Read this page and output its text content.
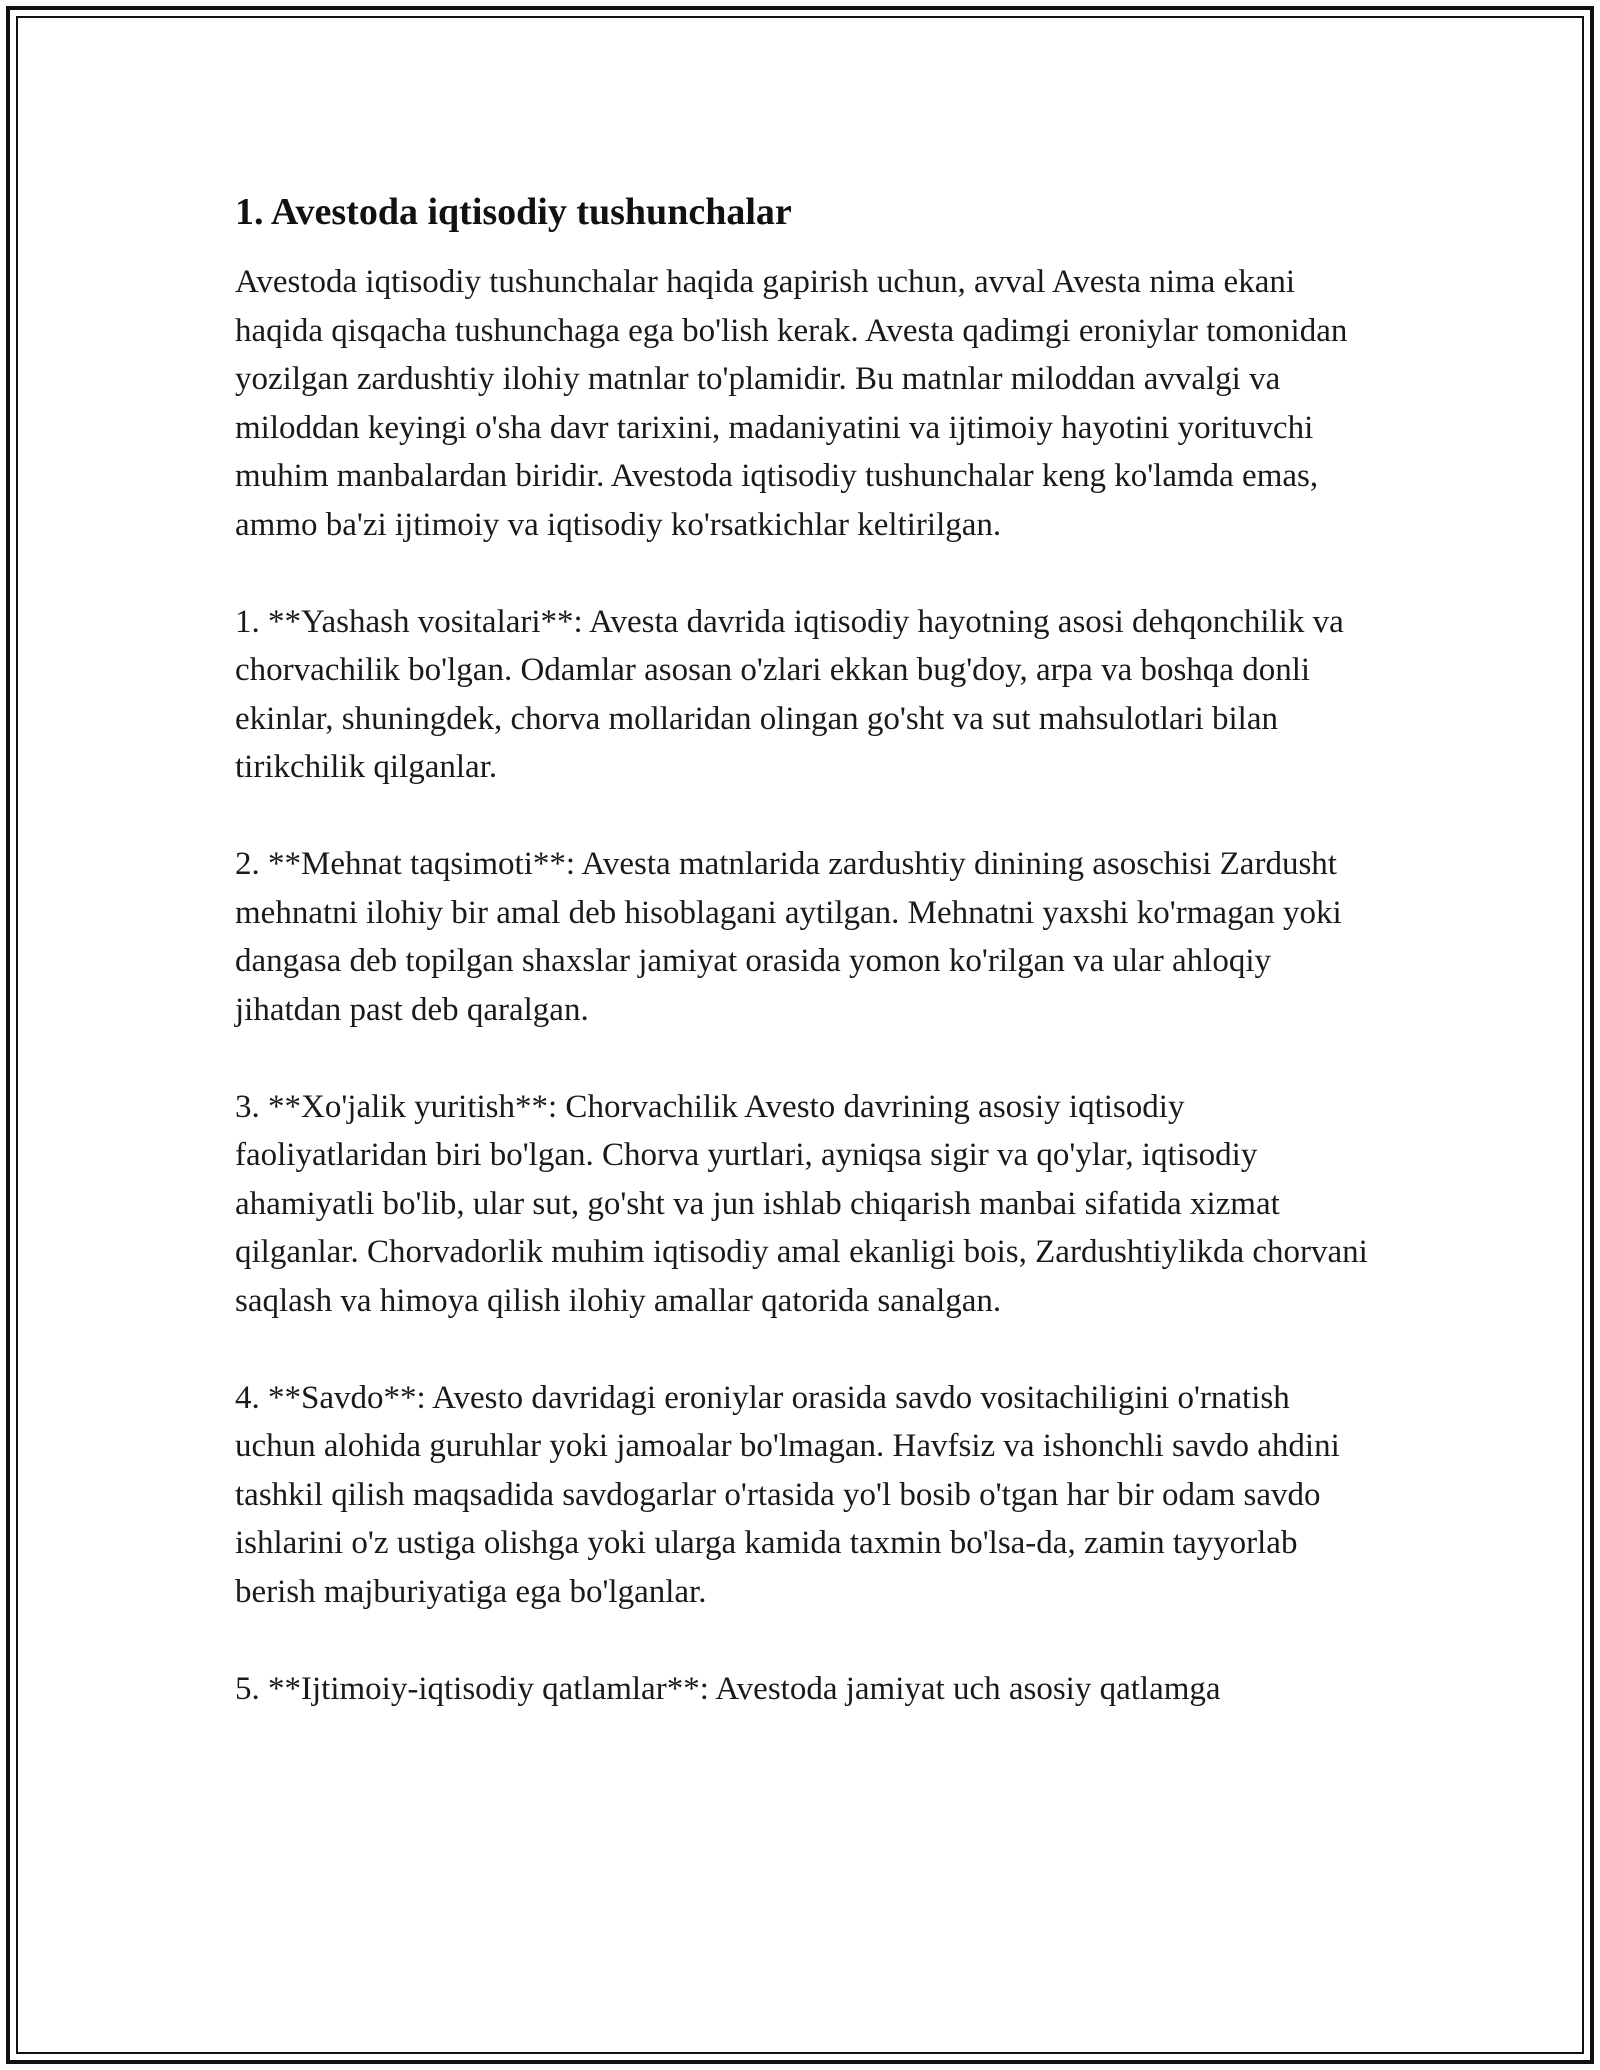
1. Avestoda iqtisodiy tushunchalar

Avestoda iqtisodiy tushunchalar haqida gapirish uchun, avval Avesta nima ekani haqida qisqacha tushunchaga ega bo'lish kerak. Avesta qadimgi eroniylar tomonidan yozilgan zardushtiy ilohiy matnlar to'plamidir. Bu matnlar miloddan avvalgi va miloddan keyingi o'sha davr tarixini, madaniyatini va ijtimoiy hayotini yorituvchi muhim manbalardan biridir. Avestoda iqtisodiy tushunchalar keng ko'lamda emas, ammo ba'zi ijtimoiy va iqtisodiy ko'rsatkichlar keltirilgan.

1. **Yashash vositalari**: Avesta davrida iqtisodiy hayotning asosi dehqonchilik va chorvachilik bo'lgan. Odamlar asosan o'zlari ekkan bug'doy, arpa va boshqa donli ekinlar, shuningdek, chorva mollaridan olingan go'sht va sut mahsulotlari bilan tirikchilik qilganlar.

2. **Mehnat taqsimoti**: Avesta matnlarida zardushtiy dinining asoschisi Zardusht mehnatni ilohiy bir amal deb hisoblagani aytilgan. Mehnatni yaxshi ko'rmagan yoki dangasa deb topilgan shaxslar jamiyat orasida yomon ko'rilgan va ular ahloqiy jihatdan past deb qaralgan.

3. **Xo'jalik yuritish**: Chorvachilik Avesto davrining asosiy iqtisodiy faoliyatlaridan biri bo'lgan. Chorva yurtlari, ayniqsa sigir va qo'ylar, iqtisodiy ahamiyatli bo'lib, ular sut, go'sht va jun ishlab chiqarish manbai sifatida xizmat qilganlar. Chorvadorlik muhim iqtisodiy amal ekanligi bois, Zardushtiylikda chorvani saqlash va himoya qilish ilohiy amallar qatorida sanalgan.

4. **Savdo**: Avesto davridagi eroniylar orasida savdo vositachiligini o'rnatish uchun alohida guruhlar yoki jamoalar bo'lmagan. Havfsiz va ishonchli savdo ahdini tashkil qilish maqsadida savdogarlar o'rtasida yo'l bosib o'tgan har bir odam savdo ishlarini o'z ustiga olishga yoki ularga kamida taxmin bo'lsa-da, zamin tayyorlab berish majburiyatiga ega bo'lganlar.

5. **Ijtimoiy-iqtisodiy qatlamlar**: Avestoda jamiyat uch asosiy qatlamga
